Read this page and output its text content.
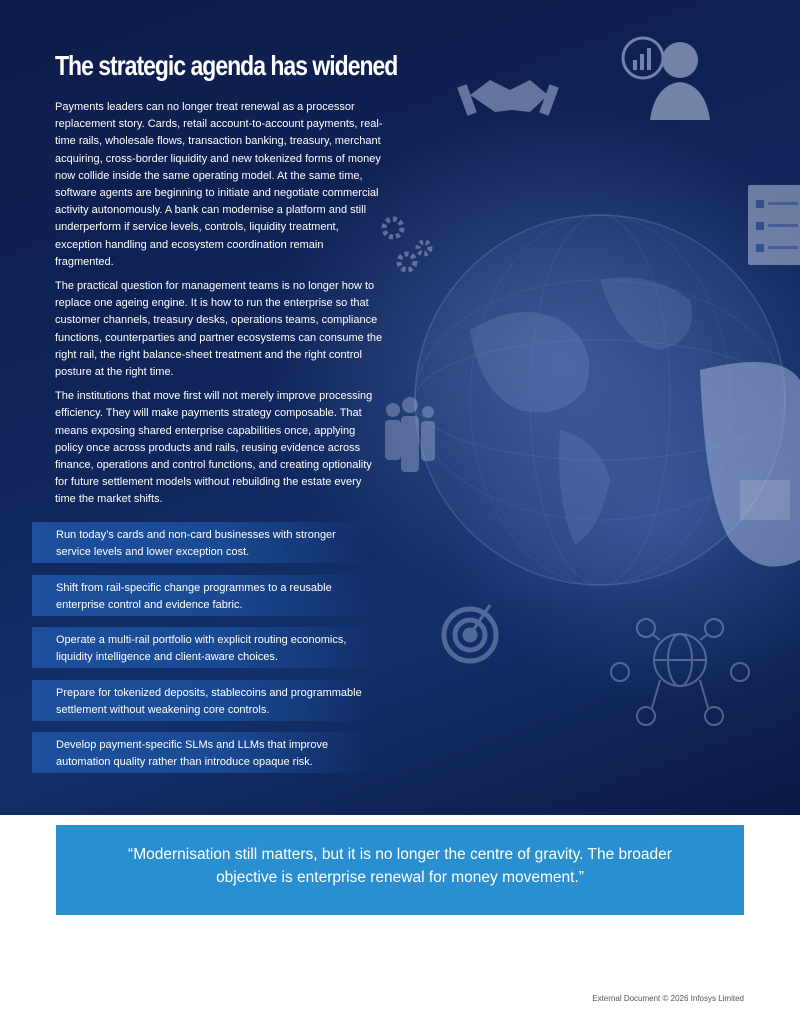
The strategic agenda has widened

Payments leaders can no longer treat renewal as a processor replacement story. Cards, retail account-to-account payments, real-time rails, wholesale flows, transaction banking, treasury, merchant acquiring, cross-border liquidity and new tokenized forms of money now collide inside the same operating model. At the same time, software agents are beginning to initiate and negotiate commercial activity autonomously. A bank can modernise a platform and still underperform if service levels, controls, liquidity treatment, exception handling and ecosystem coordination remain fragmented.

The practical question for management teams is no longer how to replace one ageing engine. It is how to run the enterprise so that customer channels, treasury desks, operations teams, compliance functions, counterparties and partner ecosystems can consume the right rail, the right balance-sheet treatment and the right control posture at the right time.

The institutions that move first will not merely improve processing efficiency. They will make payments strategy composable. That means exposing shared enterprise capabilities once, applying policy once across products and rails, reusing evidence across finance, operations and control functions, and creating optionality for future settlement models without rebuilding the estate every time the market shifts.

Run today’s cards and non-card businesses with stronger service levels and lower exception cost.
Shift from rail-specific change programmes to a reusable enterprise control and evidence fabric.
Operate a multi-rail portfolio with explicit routing economics, liquidity intelligence and client-aware choices.
Prepare for tokenized deposits, stablecoins and programmable settlement without weakening core controls.
Develop payment-specific SLMs and LLMs that improve automation quality rather than introduce opaque risk.
“Modernisation still matters, but it is no longer the centre of gravity. The broader objective is enterprise renewal for money movement.”
External Document © 2026 Infosys Limited
